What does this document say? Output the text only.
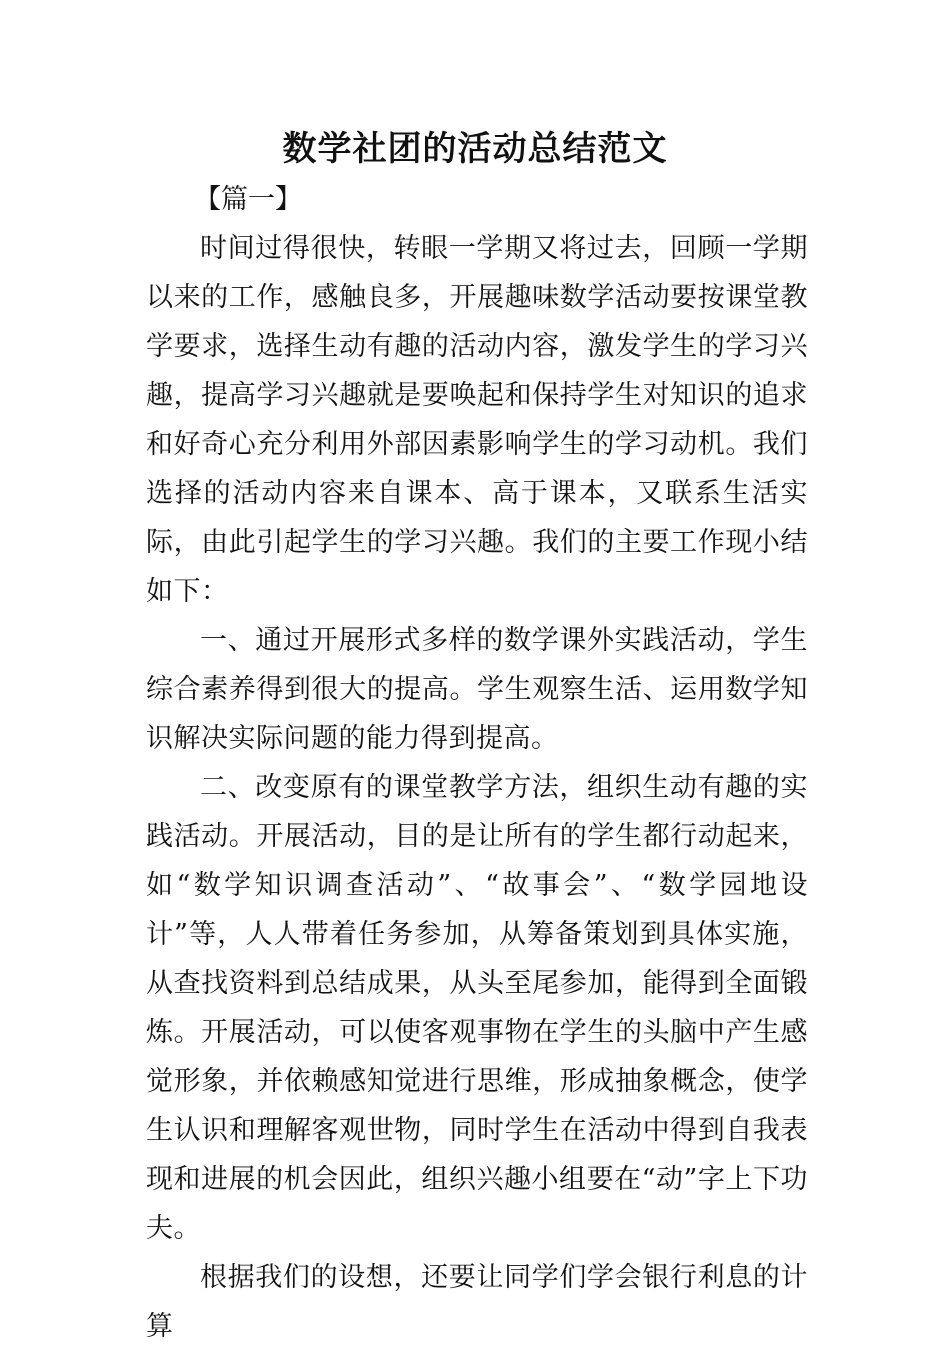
数学社团的活动总结范文
【篇一】

时间过得很快，转眼一学期又将过去，回顾一学期以来的工作，感触良多，开展趣味数学活动要按课堂教学要求，选择生动有趣的活动内容，激发学生的学习兴趣，提高学习兴趣就是要唤起和保持学生对知识的追求和好奇心充分利用外部因素影响学生的学习动机。我们选择的活动内容来自课本、高于课本，又联系生活实际，由此引起学生的学习兴趣。我们的主要工作现小结如下：

一、通过开展形式多样的数学课外实践活动，学生综合素养得到很大的提高。学生观察生活、运用数学知识解决实际问题的能力得到提高。

二、改变原有的课堂教学方法，组织生动有趣的实践活动。开展活动，目的是让所有的学生都行动起来，如“数学知识调查活动”、“故事会”、“数学园地设计”等，人人带着任务参加，从筹备策划到具体实施，从查找资料到总结成果，从头至尾参加，能得到全面锻炼。开展活动，可以使客观事物在学生的头脑中产生感觉形象，并依赖感知觉进行思维，形成抽象概念，使学生认识和理解客观世物，同时学生在活动中得到自我表现和进展的机会因此，组织兴趣小组要在“动”字上下功夫。

根据我们的设想，还要让同学们学会银行利息的计算
